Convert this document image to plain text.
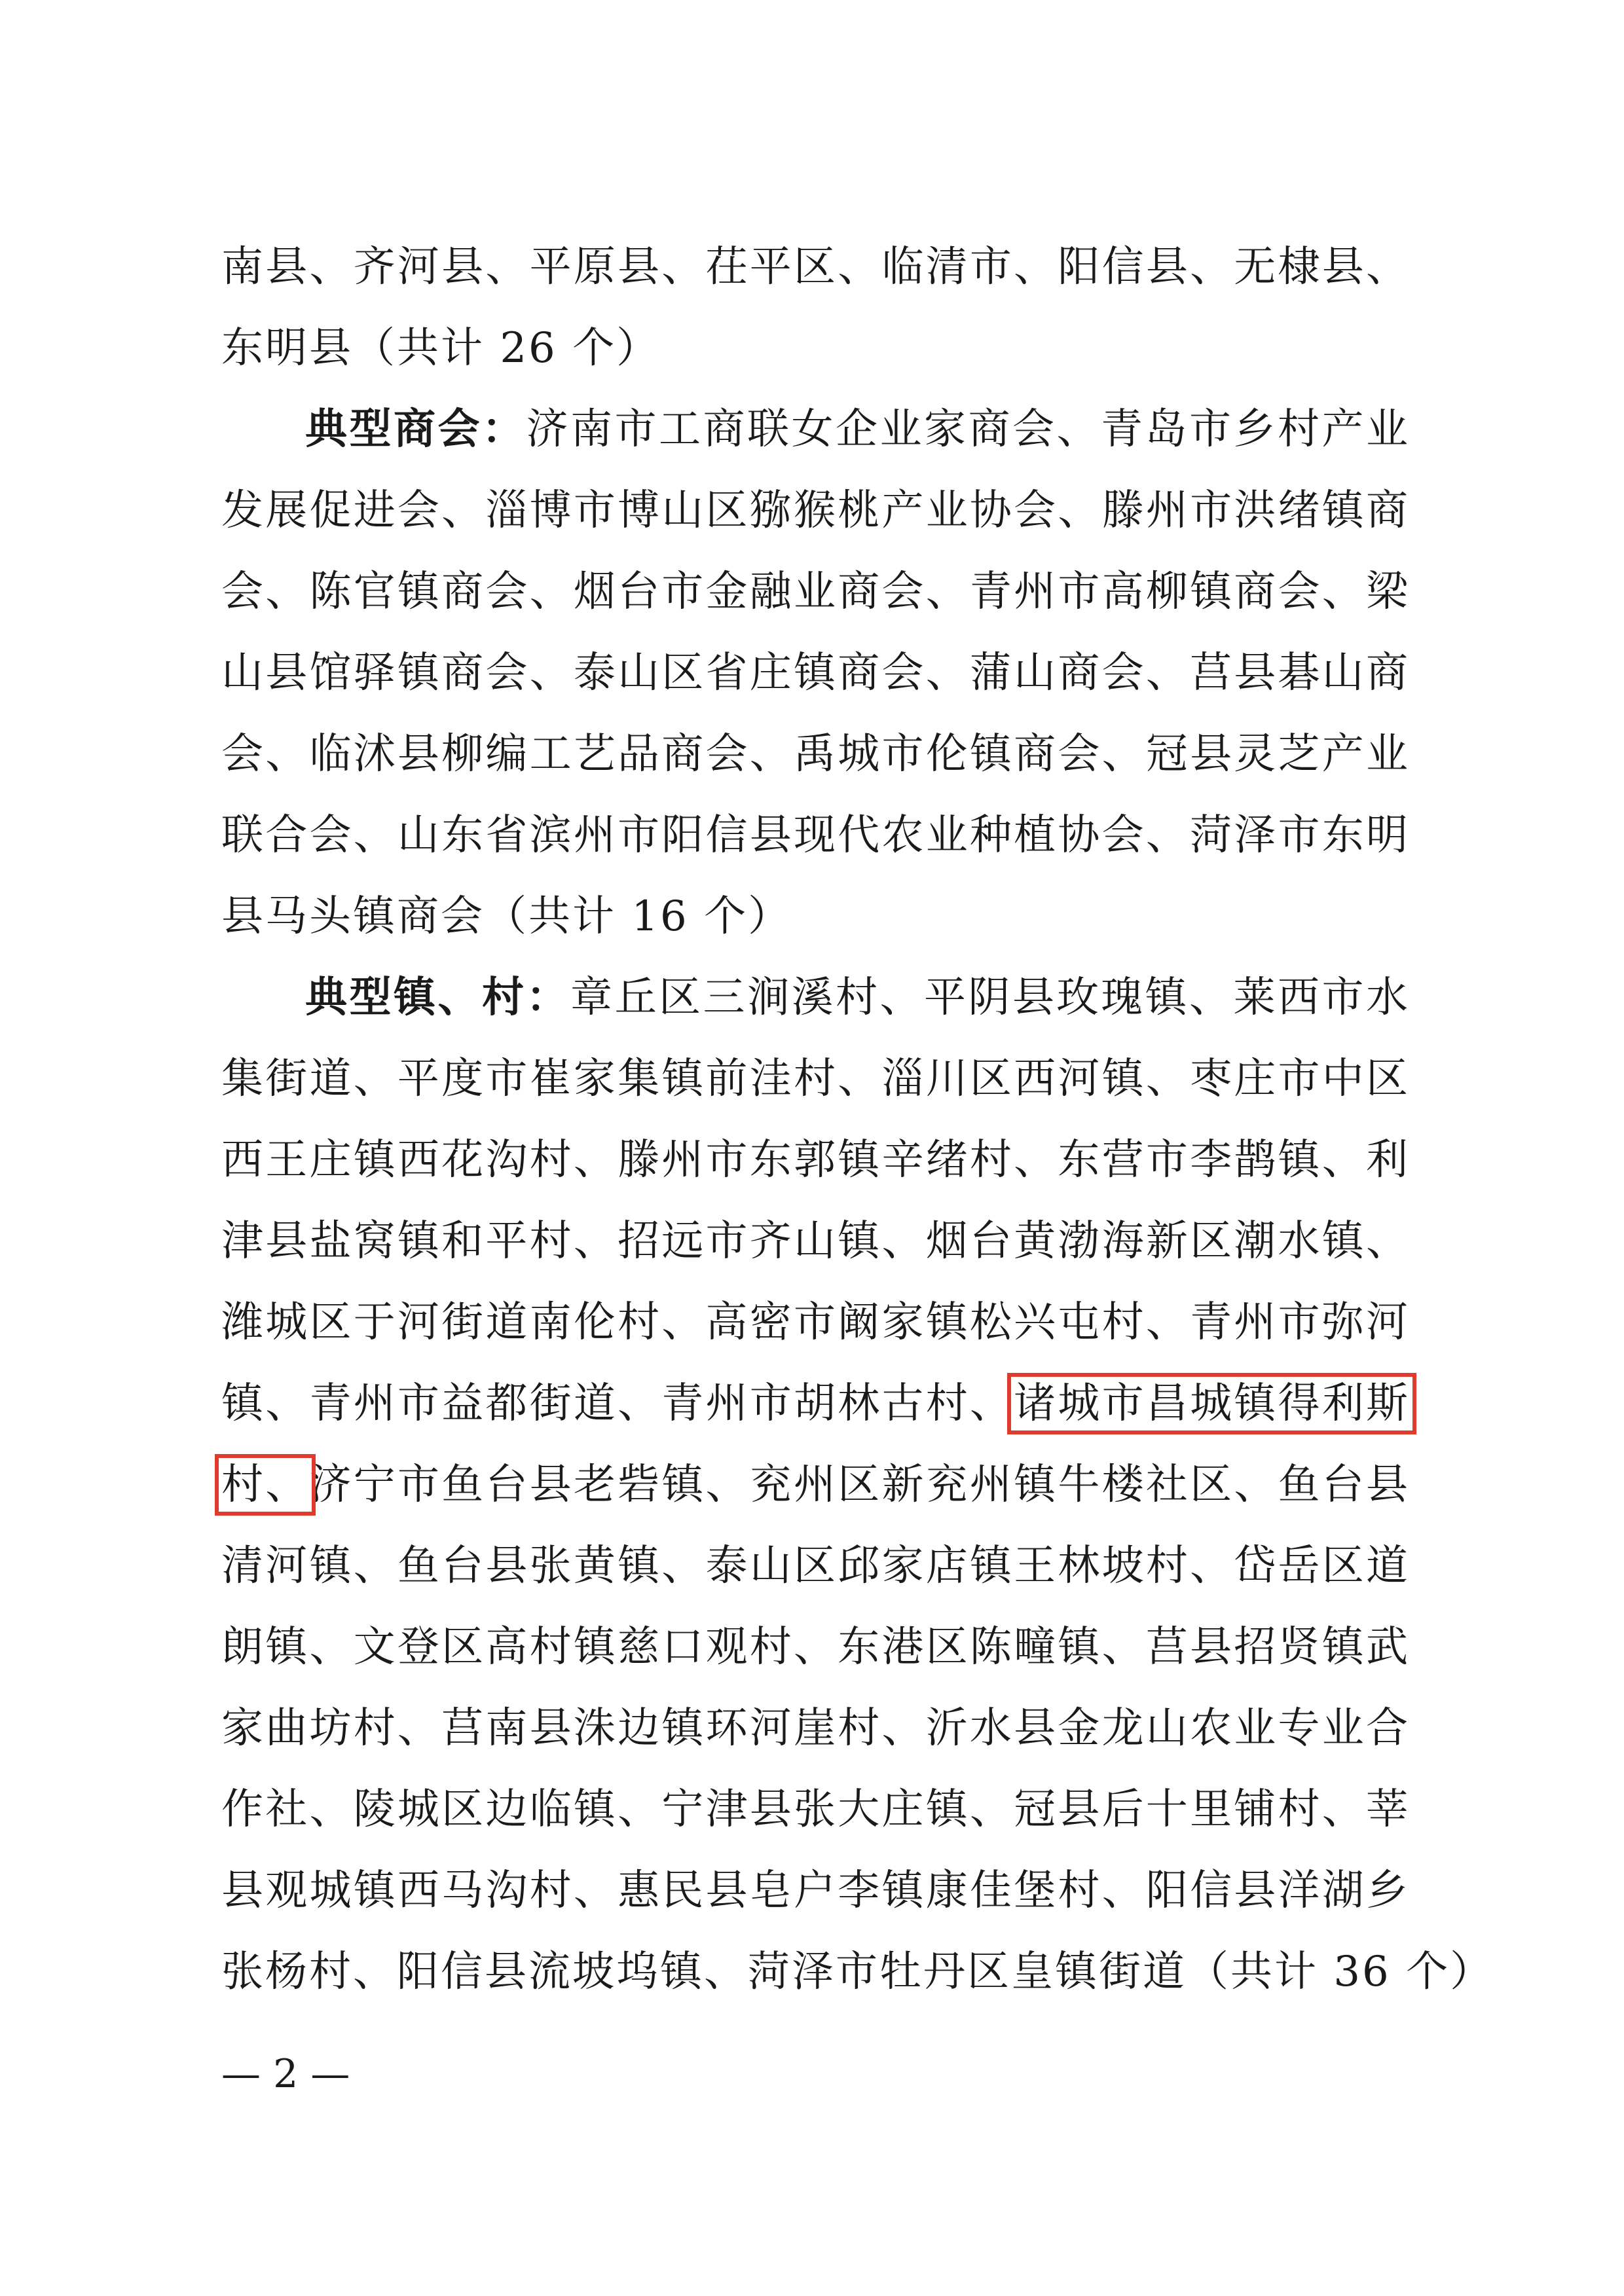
南县、齐河县、平原县、茌平区、临清市、阳信县、无棣县、
东明县（共计 26 个）
典型商会：济南市工商联女企业家商会、青岛市乡村产业
发展促进会、淄博市博山区猕猴桃产业协会、滕州市洪绪镇商
会、陈官镇商会、烟台市金融业商会、青州市高柳镇商会、梁
山县馆驿镇商会、泰山区省庄镇商会、蒲山商会、莒县碁山商
会、临沭县柳编工艺品商会、禹城市伦镇商会、冠县灵芝产业
联合会、山东省滨州市阳信县现代农业种植协会、菏泽市东明
县马头镇商会（共计 16 个）
典型镇、村：章丘区三涧溪村、平阴县玫瑰镇、莱西市水
集街道、平度市崔家集镇前洼村、淄川区西河镇、枣庄市中区
西王庄镇西花沟村、滕州市东郭镇辛绪村、东营市李鹊镇、利
津县盐窝镇和平村、招远市齐山镇、烟台黄渤海新区潮水镇、
潍城区于河街道南伦村、高密市阚家镇松兴屯村、青州市弥河
镇、青州市益都街道、青州市胡林古村、诸城市昌城镇得利斯
村、济宁市鱼台县老砦镇、兖州区新兖州镇牛楼社区、鱼台县
清河镇、鱼台县张黄镇、泰山区邱家店镇王林坡村、岱岳区道
朗镇、文登区高村镇慈口观村、东港区陈疃镇、莒县招贤镇武
家曲坊村、莒南县洙边镇环河崖村、沂水县金龙山农业专业合
作社、陵城区边临镇、宁津县张大庄镇、冠县后十里铺村、莘
县观城镇西马沟村、惠民县皂户李镇康佳堡村、阳信县洋湖乡
张杨村、阳信县流坡坞镇、菏泽市牡丹区皇镇街道（共计 36 个）
— 2 —
